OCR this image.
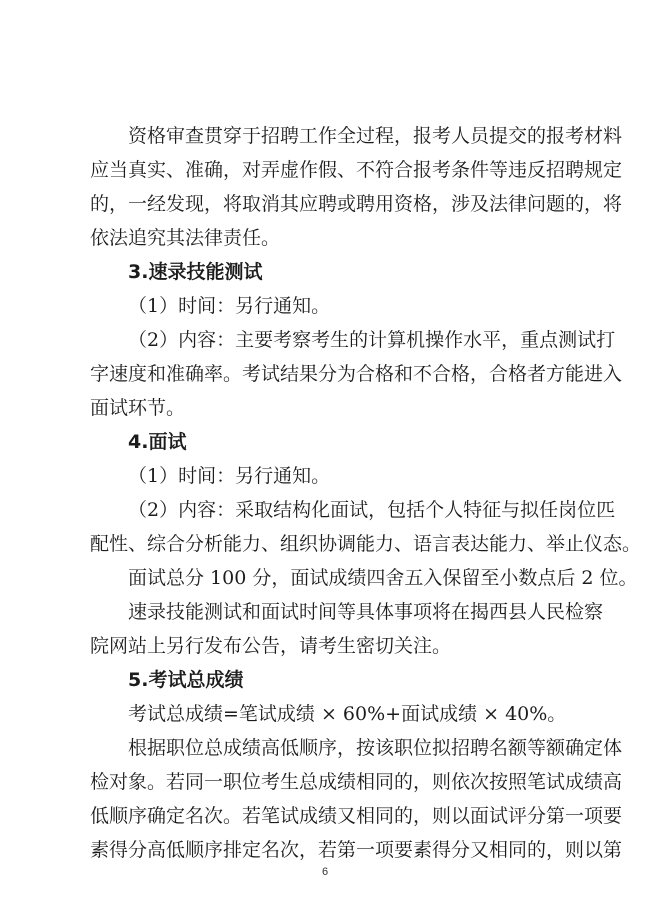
资格审查贯穿于招聘工作全过程，报考人员提交的报考材料
应当真实、准确，对弄虚作假、不符合报考条件等违反招聘规定
的，一经发现，将取消其应聘或聘用资格，涉及法律问题的，将
依法追究其法律责任。
3.速录技能测试
（1）时间：另行通知。
（2）内容：主要考察考生的计算机操作水平，重点测试打
字速度和准确率。考试结果分为合格和不合格，合格者方能进入
面试环节。
4.面试
（1）时间：另行通知。
（2）内容：采取结构化面试，包括个人特征与拟任岗位匹
配性、综合分析能力、组织协调能力、语言表达能力、举止仪态。
面试总分 100 分，面试成绩四舍五入保留至小数点后 2 位。
速录技能测试和面试时间等具体事项将在揭西县人民检察
院网站上另行发布公告，请考生密切关注。
5.考试总成绩
考试总成绩=笔试成绩 × 60%+面试成绩 × 40%。
根据职位总成绩高低顺序，按该职位拟招聘名额等额确定体
检对象。若同一职位考生总成绩相同的，则依次按照笔试成绩高
低顺序确定名次。若笔试成绩又相同的，则以面试评分第一项要
素得分高低顺序排定名次，若第一项要素得分又相同的，则以第
6
